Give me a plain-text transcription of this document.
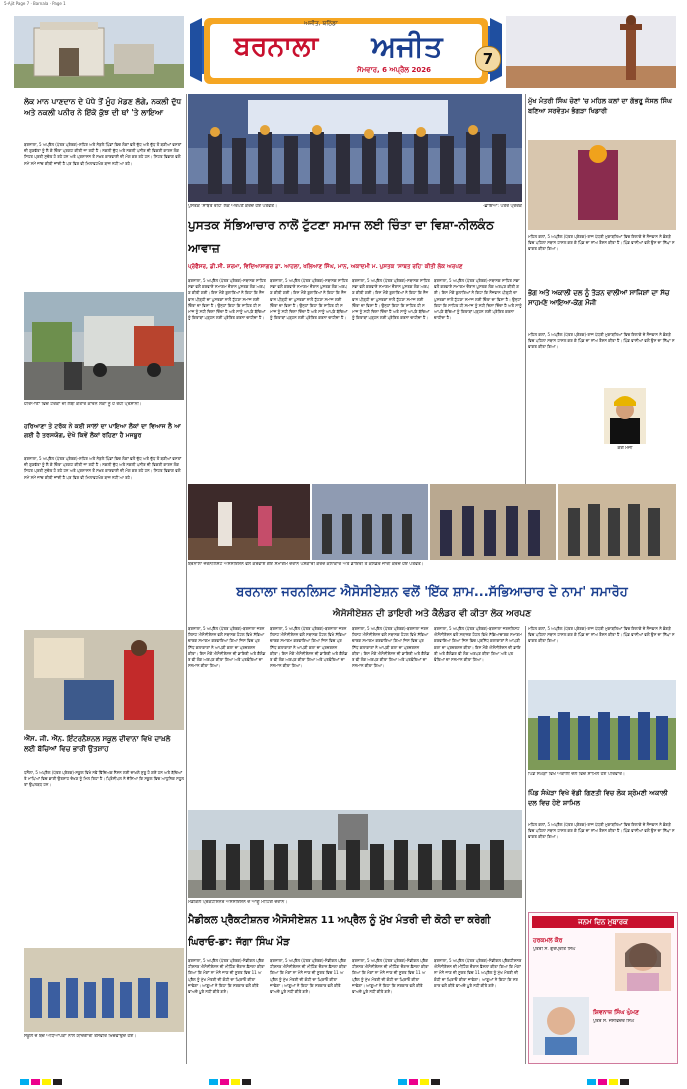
5-Ajit Page 7 · Barnala · Page 1
ਅਜੀਤ, ਬਠਿੰਡਾ
ਬਰਨਾਲਾ	ਅਜੀਤ
ਸੋਮਵਾਰ, 6 ਅਪ੍ਰੈਲ 2026
7
ਲੋਕ ਮਾਨ ਪਾਣਦਾਨ ਦੇ ਪੱਧੇ ਤੋਂ ਮੂੰਹ ਮੋਡਣ ਲੱਗੇ, ਨਕਲੀ ਦੁੱਧ ਅਤੇ ਨਕਲੀ ਪਨੀਰ ਨੇ ਇੱਕੋ ਕੁੱਝ ਦੀ ਥਾਂ 'ਤੇ ਲਾਇਆ
ਬਰਨਾਲਾ, 5 ਅਪ੍ਰੈਲ (ਪੱਤਰ ਪ੍ਰੇਰਕ)-ਸ਼ਹਿਰ ਅਤੇ ਨੇੜਲੇ ਪਿੰਡਾਂ ਵਿਚ ਲੋਕਾਂ ਵਲੋਂ ਦੁੱਧ ਅਤੇ ਦੁੱਧ ਤੋਂ ਬਣੀਆਂ ਵਸਤਾਂ ਦੀ ਗੁਣਵੱਤਾ ਨੂੰ ਲੈ ਕੇ ਚਿੰਤਾ ਪ੍ਰਗਟ ਕੀਤੀ ਜਾ ਰਹੀ ਹੈ। ਨਕਲੀ ਦੁੱਧ ਅਤੇ ਨਕਲੀ ਪਨੀਰ ਦੀ ਵਿਕਰੀ ਕਾਰਨ ਲੋਕ ਸਿਹਤ ਪ੍ਰਤੀ ਸੁਚੇਤ ਹੋ ਰਹੇ ਹਨ ਅਤੇ ਪ੍ਰਸ਼ਾਸਨ ਤੋਂ ਸਖ਼ਤ ਕਾਰਵਾਈ ਦੀ ਮੰਗ ਕਰ ਰਹੇ ਹਨ। ਸਿਹਤ ਵਿਭਾਗ ਵਲੋਂ ਸਮੇਂ ਸਮੇਂ ਜਾਂਚ ਕੀਤੀ ਜਾਂਦੀ ਹੈ ਪਰ ਫਿਰ ਵੀ ਮਿਲਾਵਟਖੋਰ ਬਾਜ਼ ਨਹੀਂ ਆ ਰਹੇ।
ਹਰਿਆਣਾ ਵਿਚ ਟਰੱਕਾਂ ਦੀ ਲੰਬੀ ਕਤਾਰ ਕਾਰਨ ਲੋਕਾਂ ਨੂੰ ਹੋ ਰਹੀ ਪ੍ਰੇਸ਼ਾਨੀ।
ਹਰਿਆਣਾ ਤੇ ਟਰੱਕ ਨੇ ਕਈ ਸਾਲਾਂ ਦਾ ਪਾਇਆ ਲੋਕਾਂ ਦਾ ਵਿਆਜ ਲੈ ਆ ਗਈ ਹੈ ਤਰਸਯੋਗ, ਦੇਖੋ ਕਿਵੇਂ ਲੋਕਾਂ ਰਹਿਣਾ ਹੈ ਮਜਬੂਰ
ਬਰਨਾਲਾ, 5 ਅਪ੍ਰੈਲ (ਪੱਤਰ ਪ੍ਰੇਰਕ)-ਸ਼ਹਿਰ ਅਤੇ ਨੇੜਲੇ ਪਿੰਡਾਂ ਵਿਚ ਲੋਕਾਂ ਵਲੋਂ ਦੁੱਧ ਅਤੇ ਦੁੱਧ ਤੋਂ ਬਣੀਆਂ ਵਸਤਾਂ ਦੀ ਗੁਣਵੱਤਾ ਨੂੰ ਲੈ ਕੇ ਚਿੰਤਾ ਪ੍ਰਗਟ ਕੀਤੀ ਜਾ ਰਹੀ ਹੈ। ਨਕਲੀ ਦੁੱਧ ਅਤੇ ਨਕਲੀ ਪਨੀਰ ਦੀ ਵਿਕਰੀ ਕਾਰਨ ਲੋਕ ਸਿਹਤ ਪ੍ਰਤੀ ਸੁਚੇਤ ਹੋ ਰਹੇ ਹਨ ਅਤੇ ਪ੍ਰਸ਼ਾਸਨ ਤੋਂ ਸਖ਼ਤ ਕਾਰਵਾਈ ਦੀ ਮੰਗ ਕਰ ਰਹੇ ਹਨ। ਸਿਹਤ ਵਿਭਾਗ ਵਲੋਂ ਸਮੇਂ ਸਮੇਂ ਜਾਂਚ ਕੀਤੀ ਜਾਂਦੀ ਹੈ ਪਰ ਫਿਰ ਵੀ ਮਿਲਾਵਟਖੋਰ ਬਾਜ਼ ਨਹੀਂ ਆ ਰਹੇ।
ਪੁਸਤਕ 'ਸਾਬਤ ਰਹਿ' ਲੋਕ ਅਰਪਣ ਕਰਦੇ ਹੋਏ ਪਤਵੰਤੇ।	-ਛਾਇਆ: ਪੱਤਰ ਪ੍ਰੇਰਕ
ਪੁਸਤਕ ਸੱਭਿਆਚਾਰ ਨਾਲੋਂ ਟੁੱਟਣਾ ਸਮਾਜ ਲਈ ਚਿੰਤਾ ਦਾ ਵਿਸ਼ਾ-ਨੀਲਕੰਠ ਆਵਾਜ਼
ਪ੍ਰੋਫੈਸਰ, ਡੀ.ਸੀ. ਸ਼ਰਮਾ, ਵਿਦਿਆਸਾਗਰ ਡਾ. ਆਹਲਾ, ਖਲਿਆਣ ਸਿੰਘ, ਮਾਨ, ਅਕਾਦਮੀ ਮ. ਪੁਸਤਕ 'ਸਾਬਤ ਰਹਿ' ਕੀਤੀ ਲੋਕ ਅਰਪਣ
ਬਰਨਾਲਾ, 5 ਅਪ੍ਰੈਲ (ਪੱਤਰ ਪ੍ਰੇਰਕ)-ਸਥਾਨਕ ਸਾਹਿਤ ਸਭਾ ਵਲੋਂ ਕਰਵਾਏ ਸਮਾਗਮ ਦੌਰਾਨ ਪੁਸਤਕ ਲੋਕ ਅਰਪਣ ਕੀਤੀ ਗਈ। ਇਸ ਮੌਕੇ ਬੁਲਾਰਿਆਂ ਨੇ ਕਿਹਾ ਕਿ ਨੌਜਵਾਨ ਪੀੜ੍ਹੀ ਦਾ ਪੁਸਤਕਾਂ ਨਾਲੋਂ ਟੁੱਟਣਾ ਸਮਾਜ ਲਈ ਚਿੰਤਾ ਦਾ ਵਿਸ਼ਾ ਹੈ। ਉਨ੍ਹਾਂ ਕਿਹਾ ਕਿ ਸਾਹਿਤ ਹੀ ਸਮਾਜ ਨੂੰ ਸਹੀ ਦਿਸ਼ਾ ਦਿੰਦਾ ਹੈ ਅਤੇ ਸਾਨੂੰ ਆਪਣੇ ਬੱਚਿਆਂ ਨੂੰ ਕਿਤਾਬਾਂ ਪੜ੍ਹਨ ਲਈ ਪ੍ਰੇਰਿਤ ਕਰਨਾ ਚਾਹੀਦਾ ਹੈ।
ਬਰਨਾਲਾ, 5 ਅਪ੍ਰੈਲ (ਪੱਤਰ ਪ੍ਰੇਰਕ)-ਸਥਾਨਕ ਸਾਹਿਤ ਸਭਾ ਵਲੋਂ ਕਰਵਾਏ ਸਮਾਗਮ ਦੌਰਾਨ ਪੁਸਤਕ ਲੋਕ ਅਰਪਣ ਕੀਤੀ ਗਈ। ਇਸ ਮੌਕੇ ਬੁਲਾਰਿਆਂ ਨੇ ਕਿਹਾ ਕਿ ਨੌਜਵਾਨ ਪੀੜ੍ਹੀ ਦਾ ਪੁਸਤਕਾਂ ਨਾਲੋਂ ਟੁੱਟਣਾ ਸਮਾਜ ਲਈ ਚਿੰਤਾ ਦਾ ਵਿਸ਼ਾ ਹੈ। ਉਨ੍ਹਾਂ ਕਿਹਾ ਕਿ ਸਾਹਿਤ ਹੀ ਸਮਾਜ ਨੂੰ ਸਹੀ ਦਿਸ਼ਾ ਦਿੰਦਾ ਹੈ ਅਤੇ ਸਾਨੂੰ ਆਪਣੇ ਬੱਚਿਆਂ ਨੂੰ ਕਿਤਾਬਾਂ ਪੜ੍ਹਨ ਲਈ ਪ੍ਰੇਰਿਤ ਕਰਨਾ ਚਾਹੀਦਾ ਹੈ।
ਬਰਨਾਲਾ, 5 ਅਪ੍ਰੈਲ (ਪੱਤਰ ਪ੍ਰੇਰਕ)-ਸਥਾਨਕ ਸਾਹਿਤ ਸਭਾ ਵਲੋਂ ਕਰਵਾਏ ਸਮਾਗਮ ਦੌਰਾਨ ਪੁਸਤਕ ਲੋਕ ਅਰਪਣ ਕੀਤੀ ਗਈ। ਇਸ ਮੌਕੇ ਬੁਲਾਰਿਆਂ ਨੇ ਕਿਹਾ ਕਿ ਨੌਜਵਾਨ ਪੀੜ੍ਹੀ ਦਾ ਪੁਸਤਕਾਂ ਨਾਲੋਂ ਟੁੱਟਣਾ ਸਮਾਜ ਲਈ ਚਿੰਤਾ ਦਾ ਵਿਸ਼ਾ ਹੈ। ਉਨ੍ਹਾਂ ਕਿਹਾ ਕਿ ਸਾਹਿਤ ਹੀ ਸਮਾਜ ਨੂੰ ਸਹੀ ਦਿਸ਼ਾ ਦਿੰਦਾ ਹੈ ਅਤੇ ਸਾਨੂੰ ਆਪਣੇ ਬੱਚਿਆਂ ਨੂੰ ਕਿਤਾਬਾਂ ਪੜ੍ਹਨ ਲਈ ਪ੍ਰੇਰਿਤ ਕਰਨਾ ਚਾਹੀਦਾ ਹੈ।
ਬਰਨਾਲਾ, 5 ਅਪ੍ਰੈਲ (ਪੱਤਰ ਪ੍ਰੇਰਕ)-ਸਥਾਨਕ ਸਾਹਿਤ ਸਭਾ ਵਲੋਂ ਕਰਵਾਏ ਸਮਾਗਮ ਦੌਰਾਨ ਪੁਸਤਕ ਲੋਕ ਅਰਪਣ ਕੀਤੀ ਗਈ। ਇਸ ਮੌਕੇ ਬੁਲਾਰਿਆਂ ਨੇ ਕਿਹਾ ਕਿ ਨੌਜਵਾਨ ਪੀੜ੍ਹੀ ਦਾ ਪੁਸਤਕਾਂ ਨਾਲੋਂ ਟੁੱਟਣਾ ਸਮਾਜ ਲਈ ਚਿੰਤਾ ਦਾ ਵਿਸ਼ਾ ਹੈ। ਉਨ੍ਹਾਂ ਕਿਹਾ ਕਿ ਸਾਹਿਤ ਹੀ ਸਮਾਜ ਨੂੰ ਸਹੀ ਦਿਸ਼ਾ ਦਿੰਦਾ ਹੈ ਅਤੇ ਸਾਨੂੰ ਆਪਣੇ ਬੱਚਿਆਂ ਨੂੰ ਕਿਤਾਬਾਂ ਪੜ੍ਹਨ ਲਈ ਪ੍ਰੇਰਿਤ ਕਰਨਾ ਚਾਹੀਦਾ ਹੈ।
ਮੁੱਖ ਮੰਤਰੀ ਸਿੰਘ ਚੋਣਾਂ 'ਚ ਮਹਿਲ ਕਲਾਂ ਦਾ ਗੱਭਰੂ ਜੱਸਲ ਸਿੰਘ ਬਣਿਆ ਸਰਵੋਤਮ ਭੰਗੜਾ ਖਿਡਾਰੀ
ਮਹਿਲ ਕਲਾਂ, 5 ਅਪ੍ਰੈਲ (ਪੱਤਰ ਪ੍ਰੇਰਕ)-ਰਾਜ ਪੱਧਰੀ ਮੁਕਾਬਲਿਆਂ ਵਿਚ ਇਲਾਕੇ ਦੇ ਨੌਜਵਾਨ ਨੇ ਭੰਗੜੇ ਵਿਚ ਪਹਿਲਾ ਸਥਾਨ ਹਾਸਲ ਕਰ ਕੇ ਪਿੰਡ ਦਾ ਨਾਂਅ ਰੌਸ਼ਨ ਕੀਤਾ ਹੈ। ਪਿੰਡ ਵਾਸੀਆਂ ਵਲੋਂ ਉਸ ਦਾ ਨਿੱਘਾ ਸਵਾਗਤ ਕੀਤਾ ਗਿਆ।
ਭੋਗ ਅਤੇ ਅਕਾਲੀ ਦਲ ਨੂੰ ਤੋੜਨ ਵਾਲੀਆਂ ਸਾਜਿਸ਼ਾਂ ਦਾ ਸੱਚ ਸਾਹਮਣੇ ਆਇਆ-ਕੇਂਗ ਮੌਜੀ
ਮਹਿਲ ਕਲਾਂ, 5 ਅਪ੍ਰੈਲ (ਪੱਤਰ ਪ੍ਰੇਰਕ)-ਰਾਜ ਪੱਧਰੀ ਮੁਕਾਬਲਿਆਂ ਵਿਚ ਇਲਾਕੇ ਦੇ ਨੌਜਵਾਨ ਨੇ ਭੰਗੜੇ ਵਿਚ ਪਹਿਲਾ ਸਥਾਨ ਹਾਸਲ ਕਰ ਕੇ ਪਿੰਡ ਦਾ ਨਾਂਅ ਰੌਸ਼ਨ ਕੀਤਾ ਹੈ। ਪਿੰਡ ਵਾਸੀਆਂ ਵਲੋਂ ਉਸ ਦਾ ਨਿੱਘਾ ਸਵਾਗਤ ਕੀਤਾ ਗਿਆ।
ਕੇਂਗ ਮੌਜੀ
ਬਰਨਾਲਾ ਜਰਨਲਿਸਟ ਐਸੋਸੀਏਸ਼ਨ ਵਲੋਂ ਕਰਵਾਏ ਗਏ ਸਮਾਗਮ ਦੌਰਾਨ ਪੇਸ਼ਕਾਰੀ ਕਰਦੇ ਕਲਾਕਾਰ ਅਤੇ ਡਾਇਰੀ ਤੇ ਕੈਲੰਡਰ ਜਾਰੀ ਕਰਦੇ ਹੋਏ ਪਤਵੰਤੇ।
ਬਰਨਾਲਾ ਜਰਨਲਿਸਟ ਐਸੋਸੀਏਸ਼ਨ ਵਲੋਂ 'ਇੱਕ ਸ਼ਾਮ...ਸੱਭਿਆਚਾਰ ਦੇ ਨਾਮ' ਸਮਾਰੋਹ
ਐਸੋਸੀਏਸ਼ਨ ਦੀ ਡਾਇਰੀ ਅਤੇ ਕੈਲੰਡਰ ਵੀ ਕੀਤਾ ਲੋਕ ਅਰਪਣ
ਐੱਸ. ਜੀ. ਐੱਨ. ਇੰਟਰਨੈਸ਼ਨਲ ਸਕੂਲ ਦੀਵਾਨਾ ਵਿਖੇ ਦਾਖ਼ਲੇ ਲਈ ਬੱਚਿਆਂ ਵਿਚ ਭਾਰੀ ਉਤਸ਼ਾਹ
ਧਨੌਲਾ, 5 ਅਪ੍ਰੈਲ (ਪੱਤਰ ਪ੍ਰੇਰਕ)-ਸਕੂਲ ਵਿਖੇ ਨਵੇਂ ਵਿੱਦਿਅਕ ਸੈਸ਼ਨ ਲਈ ਦਾਖ਼ਲੇ ਸ਼ੁਰੂ ਹੋ ਗਏ ਹਨ ਅਤੇ ਬੱਚਿਆਂ ਤੇ ਮਾਪਿਆਂ ਵਿਚ ਭਾਰੀ ਉਤਸ਼ਾਹ ਦੇਖਣ ਨੂੰ ਮਿਲ ਰਿਹਾ ਹੈ। ਪ੍ਰਿੰਸੀਪਲ ਨੇ ਦੱਸਿਆ ਕਿ ਸਕੂਲ ਵਿਚ ਆਧੁਨਿਕ ਸਹੂਲਤਾਂ ਉਪਲਬਧ ਹਨ।
ਬਰਨਾਲਾ, 5 ਅਪ੍ਰੈਲ (ਪੱਤਰ ਪ੍ਰੇਰਕ)-ਬਰਨਾਲਾ ਜਰਨਲਿਸਟ ਐਸੋਸੀਏਸ਼ਨ ਵਲੋਂ ਸਥਾਨਕ ਹੋਟਲ ਵਿਖੇ ਸੱਭਿਆਚਾਰਕ ਸਮਾਗਮ ਕਰਵਾਇਆ ਗਿਆ ਜਿਸ ਵਿਚ ਪ੍ਰਸਿੱਧ ਕਲਾਕਾਰਾਂ ਨੇ ਆਪਣੀ ਕਲਾ ਦਾ ਪ੍ਰਦਰਸ਼ਨ ਕੀਤਾ। ਇਸ ਮੌਕੇ ਐਸੋਸੀਏਸ਼ਨ ਦੀ ਡਾਇਰੀ ਅਤੇ ਕੈਲੰਡਰ ਵੀ ਲੋਕ ਅਰਪਣ ਕੀਤਾ ਗਿਆ ਅਤੇ ਪਤਵੰਤਿਆਂ ਦਾ ਸਨਮਾਨ ਕੀਤਾ ਗਿਆ।
ਬਰਨਾਲਾ, 5 ਅਪ੍ਰੈਲ (ਪੱਤਰ ਪ੍ਰੇਰਕ)-ਬਰਨਾਲਾ ਜਰਨਲਿਸਟ ਐਸੋਸੀਏਸ਼ਨ ਵਲੋਂ ਸਥਾਨਕ ਹੋਟਲ ਵਿਖੇ ਸੱਭਿਆਚਾਰਕ ਸਮਾਗਮ ਕਰਵਾਇਆ ਗਿਆ ਜਿਸ ਵਿਚ ਪ੍ਰਸਿੱਧ ਕਲਾਕਾਰਾਂ ਨੇ ਆਪਣੀ ਕਲਾ ਦਾ ਪ੍ਰਦਰਸ਼ਨ ਕੀਤਾ। ਇਸ ਮੌਕੇ ਐਸੋਸੀਏਸ਼ਨ ਦੀ ਡਾਇਰੀ ਅਤੇ ਕੈਲੰਡਰ ਵੀ ਲੋਕ ਅਰਪਣ ਕੀਤਾ ਗਿਆ ਅਤੇ ਪਤਵੰਤਿਆਂ ਦਾ ਸਨਮਾਨ ਕੀਤਾ ਗਿਆ।
ਬਰਨਾਲਾ, 5 ਅਪ੍ਰੈਲ (ਪੱਤਰ ਪ੍ਰੇਰਕ)-ਬਰਨਾਲਾ ਜਰਨਲਿਸਟ ਐਸੋਸੀਏਸ਼ਨ ਵਲੋਂ ਸਥਾਨਕ ਹੋਟਲ ਵਿਖੇ ਸੱਭਿਆਚਾਰਕ ਸਮਾਗਮ ਕਰਵਾਇਆ ਗਿਆ ਜਿਸ ਵਿਚ ਪ੍ਰਸਿੱਧ ਕਲਾਕਾਰਾਂ ਨੇ ਆਪਣੀ ਕਲਾ ਦਾ ਪ੍ਰਦਰਸ਼ਨ ਕੀਤਾ। ਇਸ ਮੌਕੇ ਐਸੋਸੀਏਸ਼ਨ ਦੀ ਡਾਇਰੀ ਅਤੇ ਕੈਲੰਡਰ ਵੀ ਲੋਕ ਅਰਪਣ ਕੀਤਾ ਗਿਆ ਅਤੇ ਪਤਵੰਤਿਆਂ ਦਾ ਸਨਮਾਨ ਕੀਤਾ ਗਿਆ।
ਬਰਨਾਲਾ, 5 ਅਪ੍ਰੈਲ (ਪੱਤਰ ਪ੍ਰੇਰਕ)-ਬਰਨਾਲਾ ਜਰਨਲਿਸਟ ਐਸੋਸੀਏਸ਼ਨ ਵਲੋਂ ਸਥਾਨਕ ਹੋਟਲ ਵਿਖੇ ਸੱਭਿਆਚਾਰਕ ਸਮਾਗਮ ਕਰਵਾਇਆ ਗਿਆ ਜਿਸ ਵਿਚ ਪ੍ਰਸਿੱਧ ਕਲਾਕਾਰਾਂ ਨੇ ਆਪਣੀ ਕਲਾ ਦਾ ਪ੍ਰਦਰਸ਼ਨ ਕੀਤਾ। ਇਸ ਮੌਕੇ ਐਸੋਸੀਏਸ਼ਨ ਦੀ ਡਾਇਰੀ ਅਤੇ ਕੈਲੰਡਰ ਵੀ ਲੋਕ ਅਰਪਣ ਕੀਤਾ ਗਿਆ ਅਤੇ ਪਤਵੰਤਿਆਂ ਦਾ ਸਨਮਾਨ ਕੀਤਾ ਗਿਆ।
ਮਹਿਲ ਕਲਾਂ, 5 ਅਪ੍ਰੈਲ (ਪੱਤਰ ਪ੍ਰੇਰਕ)-ਰਾਜ ਪੱਧਰੀ ਮੁਕਾਬਲਿਆਂ ਵਿਚ ਇਲਾਕੇ ਦੇ ਨੌਜਵਾਨ ਨੇ ਭੰਗੜੇ ਵਿਚ ਪਹਿਲਾ ਸਥਾਨ ਹਾਸਲ ਕਰ ਕੇ ਪਿੰਡ ਦਾ ਨਾਂਅ ਰੌਸ਼ਨ ਕੀਤਾ ਹੈ। ਪਿੰਡ ਵਾਸੀਆਂ ਵਲੋਂ ਉਸ ਦਾ ਨਿੱਘਾ ਸਵਾਗਤ ਕੀਤਾ ਗਿਆ।
ਪਿੰਡ ਸੰਘੇੜਾ ਵਿਖੇ ਅਕਾਲੀ ਦਲ ਵਿਚ ਸ਼ਾਮਿਲ ਹੋਏ ਪਰਿਵਾਰ।
ਪਿੰਡ ਸੰਘੇੜਾ ਵਿਖੇ ਵੱਡੀ ਗਿਣਤੀ ਵਿਚ ਲੋਕ ਸ਼੍ਰੋਮਣੀ ਅਕਾਲੀ ਦਲ ਵਿਚ ਹੋਏ ਸ਼ਾਮਿਲ
ਮੈਡੀਕਲ ਪ੍ਰੈਕਟੀਸ਼ਨਰ ਐਸੋਸੀਏਸ਼ਨ ਦੇ ਆਗੂ ਮੀਟਿੰਗ ਦੌਰਾਨ।
ਮੈਡੀਕਲ ਪ੍ਰੈਕਟੀਸ਼ਨਰ ਐਸੋਸੀਏਸ਼ਨ 11 ਅਪ੍ਰੈਲ ਨੂੰ ਮੁੱਖ ਮੰਤਰੀ ਦੀ ਕੋਠੀ ਦਾ ਕਰੇਗੀ ਘਿਰਾਓ-ਡਾ: ਜੱਗਾ ਸਿੰਘ ਮੌੜ
ਸਕੂਲ ਦੇ ਬੱਚੇ ਅਧਿਆਪਕਾਂ ਨਾਲ ਯਾਦਗਾਰੀ ਤਸਵੀਰ ਖਿਚਵਾਉਂਦੇ ਹੋਏ।
ਬਰਨਾਲਾ, 5 ਅਪ੍ਰੈਲ (ਪੱਤਰ ਪ੍ਰੇਰਕ)-ਮੈਡੀਕਲ ਪ੍ਰੈਕਟੀਸ਼ਨਰ ਐਸੋਸੀਏਸ਼ਨ ਦੀ ਮੀਟਿੰਗ ਦੌਰਾਨ ਫ਼ੈਸਲਾ ਕੀਤਾ ਗਿਆ ਕਿ ਮੰਗਾਂ ਨਾ ਮੰਨੇ ਜਾਣ ਦੀ ਸੂਰਤ ਵਿਚ 11 ਅਪ੍ਰੈਲ ਨੂੰ ਮੁੱਖ ਮੰਤਰੀ ਦੀ ਕੋਠੀ ਦਾ ਘਿਰਾਓ ਕੀਤਾ ਜਾਵੇਗਾ। ਆਗੂਆਂ ਨੇ ਕਿਹਾ ਕਿ ਸਰਕਾਰ ਵਲੋਂ ਕੀਤੇ ਵਾਅਦੇ ਪੂਰੇ ਨਹੀਂ ਕੀਤੇ ਗਏ।
ਬਰਨਾਲਾ, 5 ਅਪ੍ਰੈਲ (ਪੱਤਰ ਪ੍ਰੇਰਕ)-ਮੈਡੀਕਲ ਪ੍ਰੈਕਟੀਸ਼ਨਰ ਐਸੋਸੀਏਸ਼ਨ ਦੀ ਮੀਟਿੰਗ ਦੌਰਾਨ ਫ਼ੈਸਲਾ ਕੀਤਾ ਗਿਆ ਕਿ ਮੰਗਾਂ ਨਾ ਮੰਨੇ ਜਾਣ ਦੀ ਸੂਰਤ ਵਿਚ 11 ਅਪ੍ਰੈਲ ਨੂੰ ਮੁੱਖ ਮੰਤਰੀ ਦੀ ਕੋਠੀ ਦਾ ਘਿਰਾਓ ਕੀਤਾ ਜਾਵੇਗਾ। ਆਗੂਆਂ ਨੇ ਕਿਹਾ ਕਿ ਸਰਕਾਰ ਵਲੋਂ ਕੀਤੇ ਵਾਅਦੇ ਪੂਰੇ ਨਹੀਂ ਕੀਤੇ ਗਏ।
ਬਰਨਾਲਾ, 5 ਅਪ੍ਰੈਲ (ਪੱਤਰ ਪ੍ਰੇਰਕ)-ਮੈਡੀਕਲ ਪ੍ਰੈਕਟੀਸ਼ਨਰ ਐਸੋਸੀਏਸ਼ਨ ਦੀ ਮੀਟਿੰਗ ਦੌਰਾਨ ਫ਼ੈਸਲਾ ਕੀਤਾ ਗਿਆ ਕਿ ਮੰਗਾਂ ਨਾ ਮੰਨੇ ਜਾਣ ਦੀ ਸੂਰਤ ਵਿਚ 11 ਅਪ੍ਰੈਲ ਨੂੰ ਮੁੱਖ ਮੰਤਰੀ ਦੀ ਕੋਠੀ ਦਾ ਘਿਰਾਓ ਕੀਤਾ ਜਾਵੇਗਾ। ਆਗੂਆਂ ਨੇ ਕਿਹਾ ਕਿ ਸਰਕਾਰ ਵਲੋਂ ਕੀਤੇ ਵਾਅਦੇ ਪੂਰੇ ਨਹੀਂ ਕੀਤੇ ਗਏ।
ਬਰਨਾਲਾ, 5 ਅਪ੍ਰੈਲ (ਪੱਤਰ ਪ੍ਰੇਰਕ)-ਮੈਡੀਕਲ ਪ੍ਰੈਕਟੀਸ਼ਨਰ ਐਸੋਸੀਏਸ਼ਨ ਦੀ ਮੀਟਿੰਗ ਦੌਰਾਨ ਫ਼ੈਸਲਾ ਕੀਤਾ ਗਿਆ ਕਿ ਮੰਗਾਂ ਨਾ ਮੰਨੇ ਜਾਣ ਦੀ ਸੂਰਤ ਵਿਚ 11 ਅਪ੍ਰੈਲ ਨੂੰ ਮੁੱਖ ਮੰਤਰੀ ਦੀ ਕੋਠੀ ਦਾ ਘਿਰਾਓ ਕੀਤਾ ਜਾਵੇਗਾ। ਆਗੂਆਂ ਨੇ ਕਿਹਾ ਕਿ ਸਰਕਾਰ ਵਲੋਂ ਕੀਤੇ ਵਾਅਦੇ ਪੂਰੇ ਨਹੀਂ ਕੀਤੇ ਗਏ।
ਮਹਿਲ ਕਲਾਂ, 5 ਅਪ੍ਰੈਲ (ਪੱਤਰ ਪ੍ਰੇਰਕ)-ਰਾਜ ਪੱਧਰੀ ਮੁਕਾਬਲਿਆਂ ਵਿਚ ਇਲਾਕੇ ਦੇ ਨੌਜਵਾਨ ਨੇ ਭੰਗੜੇ ਵਿਚ ਪਹਿਲਾ ਸਥਾਨ ਹਾਸਲ ਕਰ ਕੇ ਪਿੰਡ ਦਾ ਨਾਂਅ ਰੌਸ਼ਨ ਕੀਤਾ ਹੈ। ਪਿੰਡ ਵਾਸੀਆਂ ਵਲੋਂ ਉਸ ਦਾ ਨਿੱਘਾ ਸਵਾਗਤ ਕੀਤਾ ਗਿਆ।
ਜਨਮ ਦਿਨ ਮੁਬਾਰਕ
ਹਰਕਮਲ ਕੌਰ
ਪੁੱਤਰੀ ਸ. ਗੁਰਪ੍ਰੀਤ ਸਿੰਘ
ਸ਼ਿਵਨਾਜ਼ ਸਿੰਘ ਘੁੰਮਣ
ਪੁੱਤਰ ਸ. ਜਸਵਿੰਦਰ ਸਿੰਘ
